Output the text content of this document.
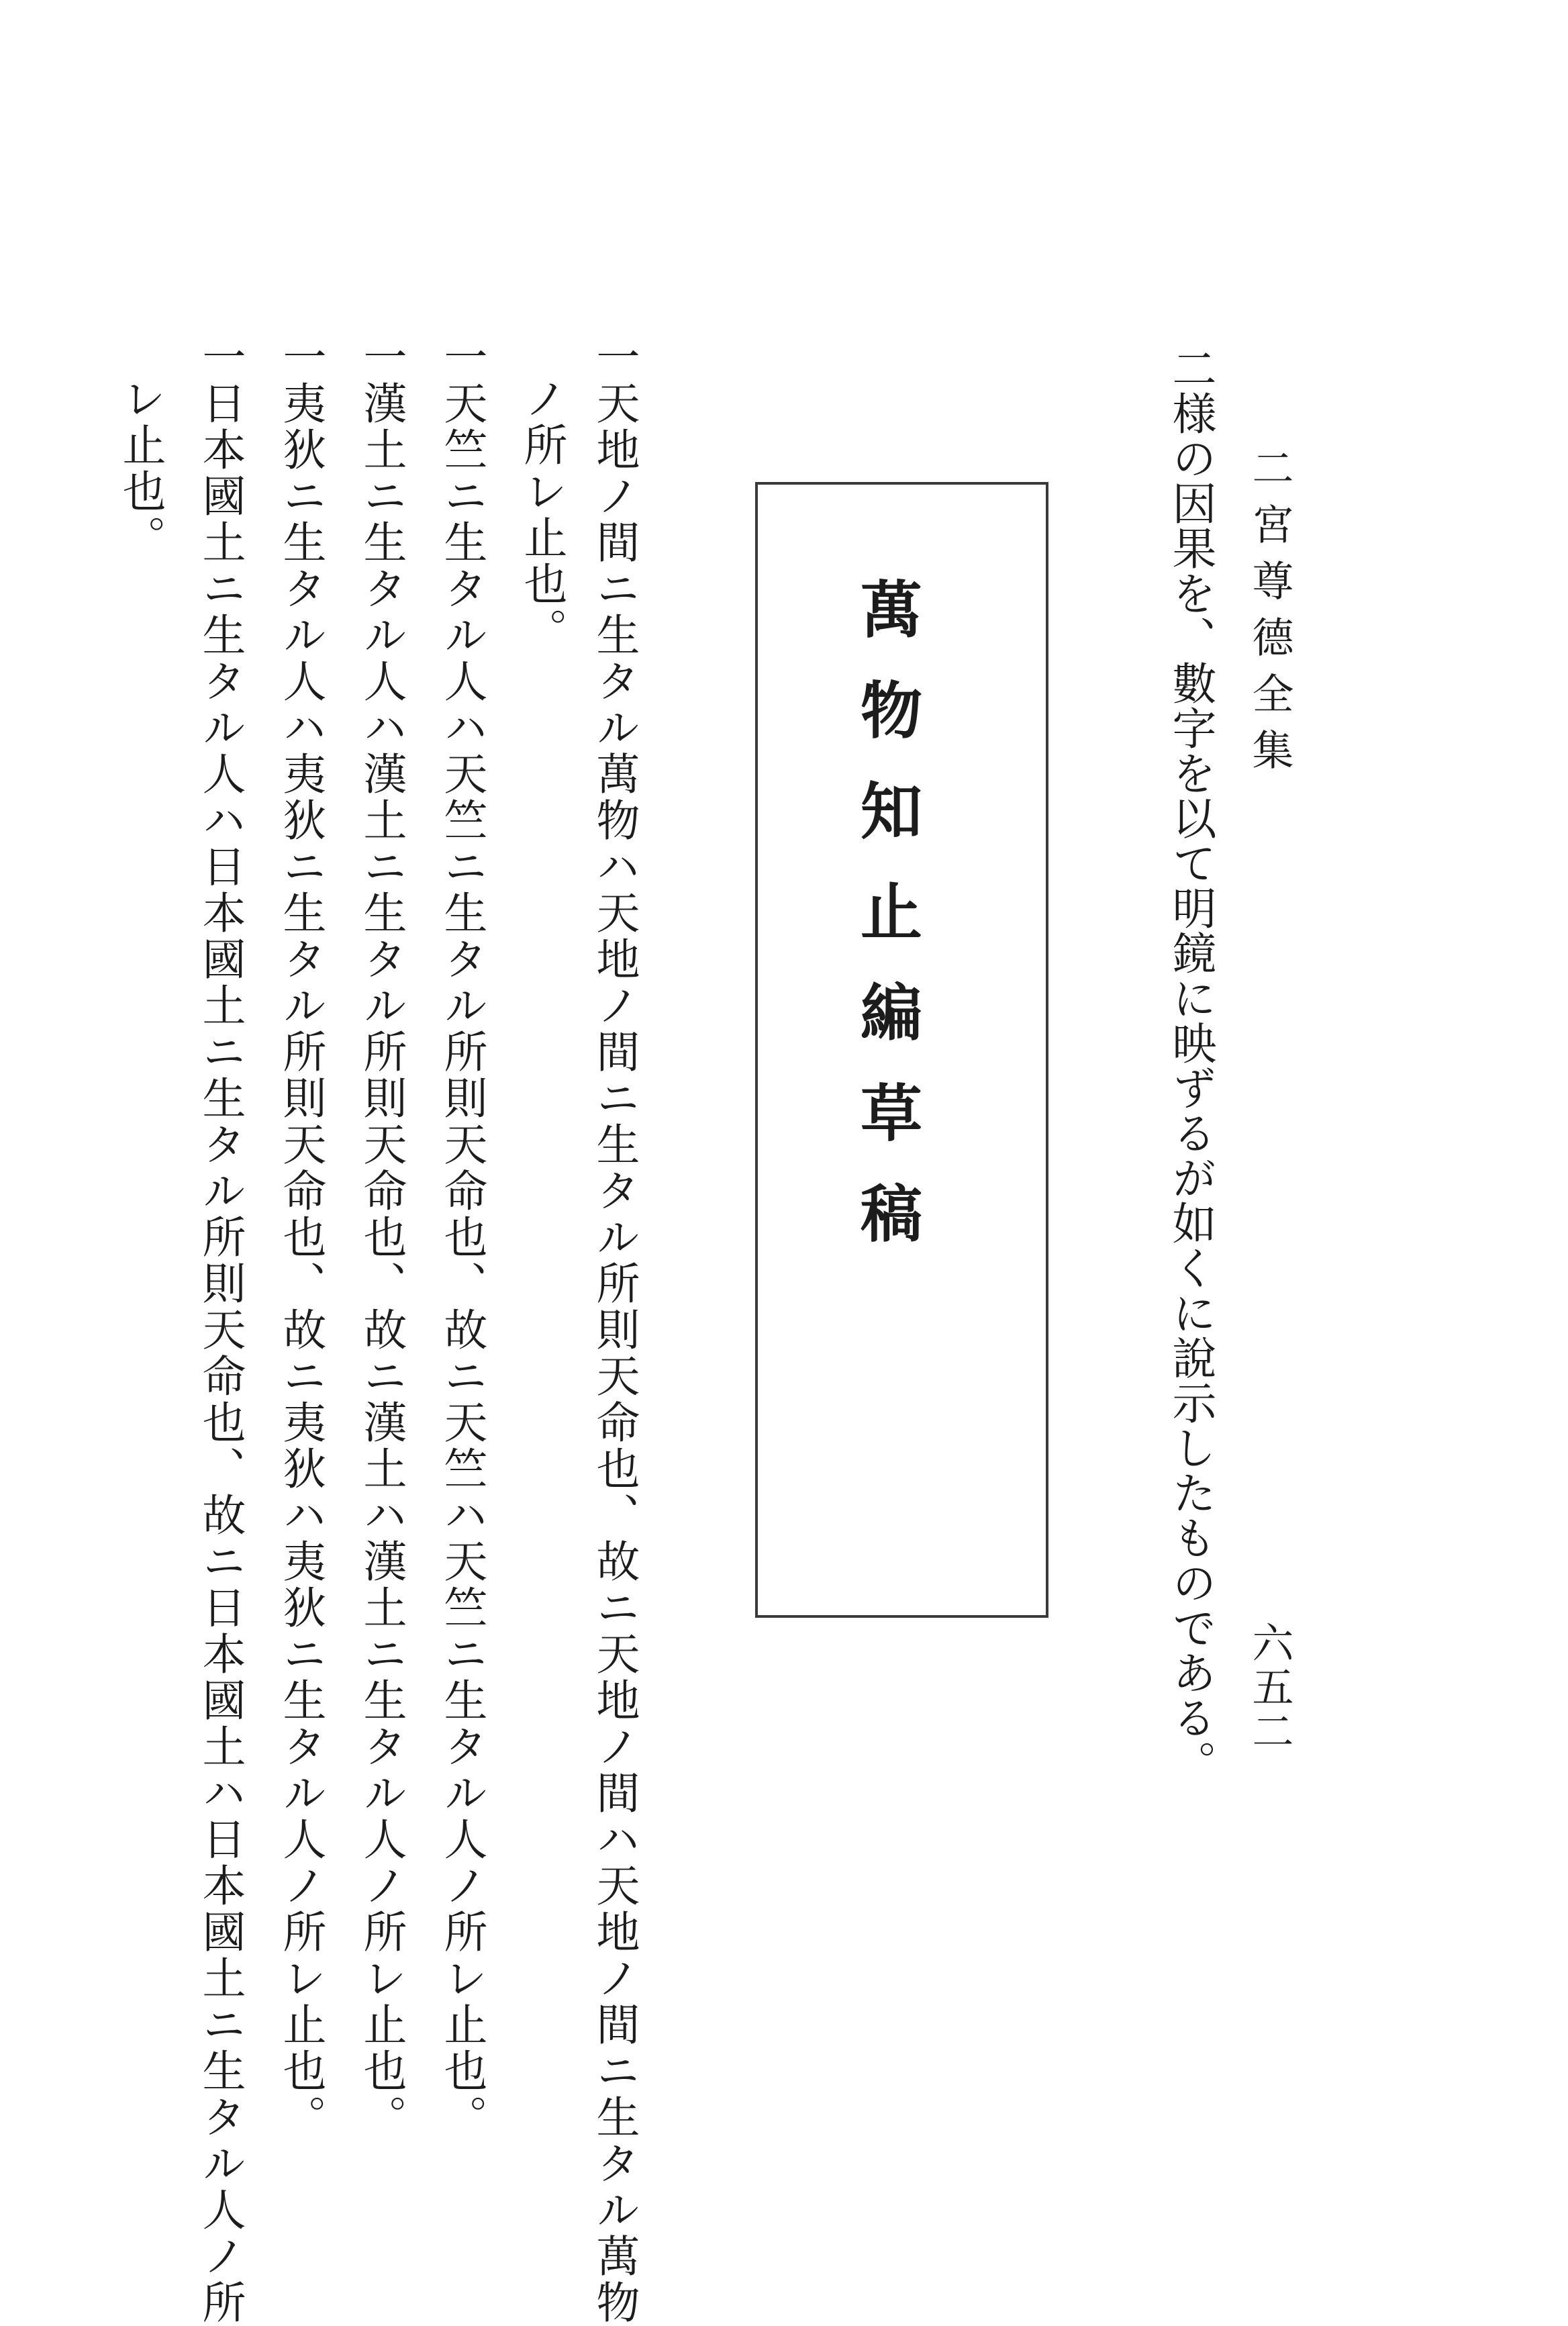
二宮尊德全集
六五二
二様の因果を、數字を以て明鏡に映ずるが如くに說示したものである。
萬物知止編草稿
一天地ノ間ニ生タル萬物ハ天地ノ間ニ生タル所則天命也、故ニ天地ノ間ハ天地ノ間ニ生タル萬物
ノ所レ止也。
一天竺ニ生タル人ハ天竺ニ生タル所則天命也、故ニ天竺ハ天竺ニ生タル人ノ所レ止也。
一漢土ニ生タル人ハ漢土ニ生タル所則天命也、故ニ漢土ハ漢土ニ生タル人ノ所レ止也。
一夷狄ニ生タル人ハ夷狄ニ生タル所則天命也、故ニ夷狄ハ夷狄ニ生タル人ノ所レ止也。
一日本國土ニ生タル人ハ日本國土ニ生タル所則天命也、故ニ日本國土ハ日本國土ニ生タル人ノ所
レ止也。
